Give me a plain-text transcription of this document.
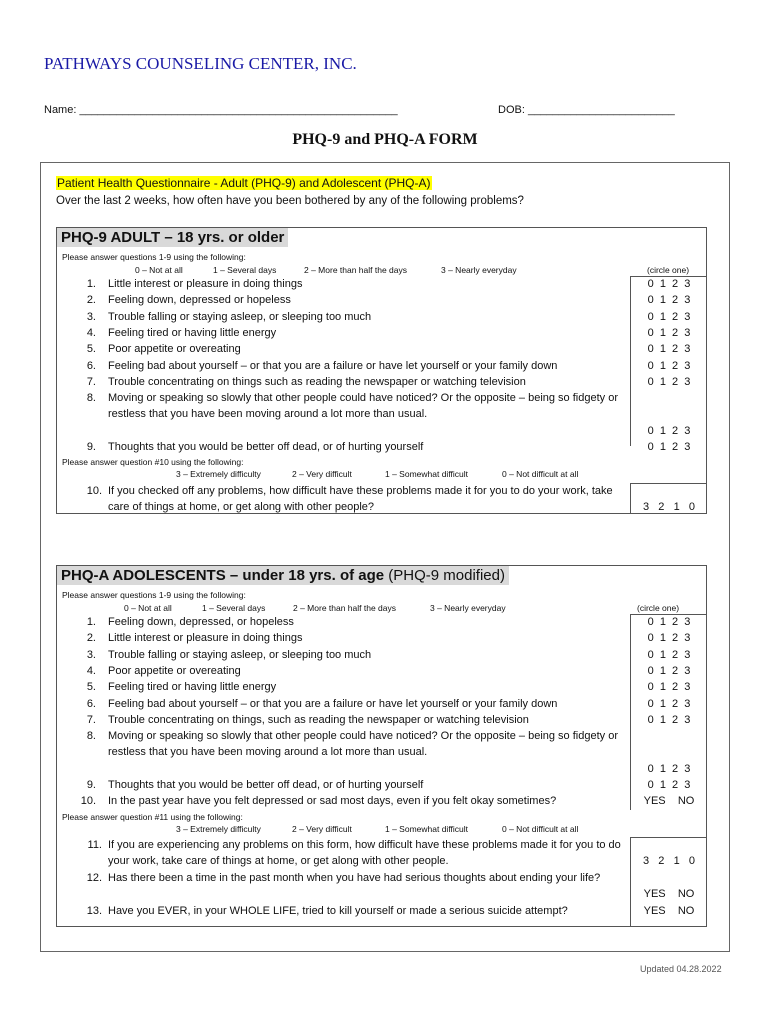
PATHWAYS COUNSELING CENTER, INC.
Name: ____________________________________________________	DOB: ________________________
PHQ-9 and PHQ-A FORM
Patient Health Questionnaire - Adult (PHQ-9) and Adolescent (PHQ-A)
Over the last 2 weeks, how often have you been bothered by any of the following problems?
PHQ-9 ADULT – 18 yrs. or older
Please answer questions 1-9 using the following:
0 – Not at all	1 – Several days	2 – More than half the days	3 – Nearly everyday	(circle one)
1. Little interest or pleasure in doing things	0  1  2  3
2. Feeling down, depressed or hopeless	0  1  2  3
3. Trouble falling or staying asleep, or sleeping too much	0  1  2  3
4. Feeling tired or having little energy	0  1  2  3
5. Poor appetite or overeating	0  1  2  3
6. Feeling bad about yourself – or that you are a failure or have let yourself or your family down	0  1  2  3
7. Trouble concentrating on things such as reading the newspaper or watching television	0  1  2  3
8. Moving or speaking so slowly that other people could have noticed? Or the opposite – being so fidgety or restless that you have been moving around a lot more than usual.
0  1  2  3
9. Thoughts that you would be better off dead, or of hurting yourself	0  1  2  3
Please answer question #10 using the following:
3 – Extremely difficulty	2 – Very difficult	1 – Somewhat difficult	0 – Not difficult at all
10. If you checked off any problems, how difficult have these problems made it for you to do your work, take care of things at home, or get along with other people?	3   2   1   0
PHQ-A ADOLESCENTS – under 18 yrs. of age (PHQ-9 modified)
Please answer questions 1-9 using the following:
0 – Not at all	1 – Several days	2 – More than half the days	3 – Nearly everyday	(circle one)
1. Feeling down, depressed, or hopeless	0  1  2  3
2. Little interest or pleasure in doing things	0  1  2  3
3. Trouble falling or staying asleep, or sleeping too much	0  1  2  3
4. Poor appetite or overeating	0  1  2  3
5. Feeling tired or having little energy	0  1  2  3
6. Feeling bad about yourself – or that you are a failure or have let yourself or your family down	0  1  2  3
7. Trouble concentrating on things, such as reading the newspaper or watching television	0  1  2  3
8. Moving or speaking so slowly that other people could have noticed? Or the opposite – being so fidgety or restless that you have been moving around a lot more than usual.
0  1  2  3
9. Thoughts that you would be better off dead, or of hurting yourself	0  1  2  3
10. In the past year have you felt depressed or sad most days, even if you felt okay sometimes?	YES    NO
Please answer question #11 using the following:
3 – Extremely difficulty	2 – Very difficult	1 – Somewhat difficult	0 – Not difficult at all
11. If you are experiencing any problems on this form, how difficult have these problems made it for you to do your work, take care of things at home, or get along with other people.	3   2   1   0
12. Has there been a time in the past month when you have had serious thoughts about ending your life?
YES    NO
13. Have you EVER, in your WHOLE LIFE, tried to kill yourself or made a serious suicide attempt?	YES    NO
Updated 04.28.2022
